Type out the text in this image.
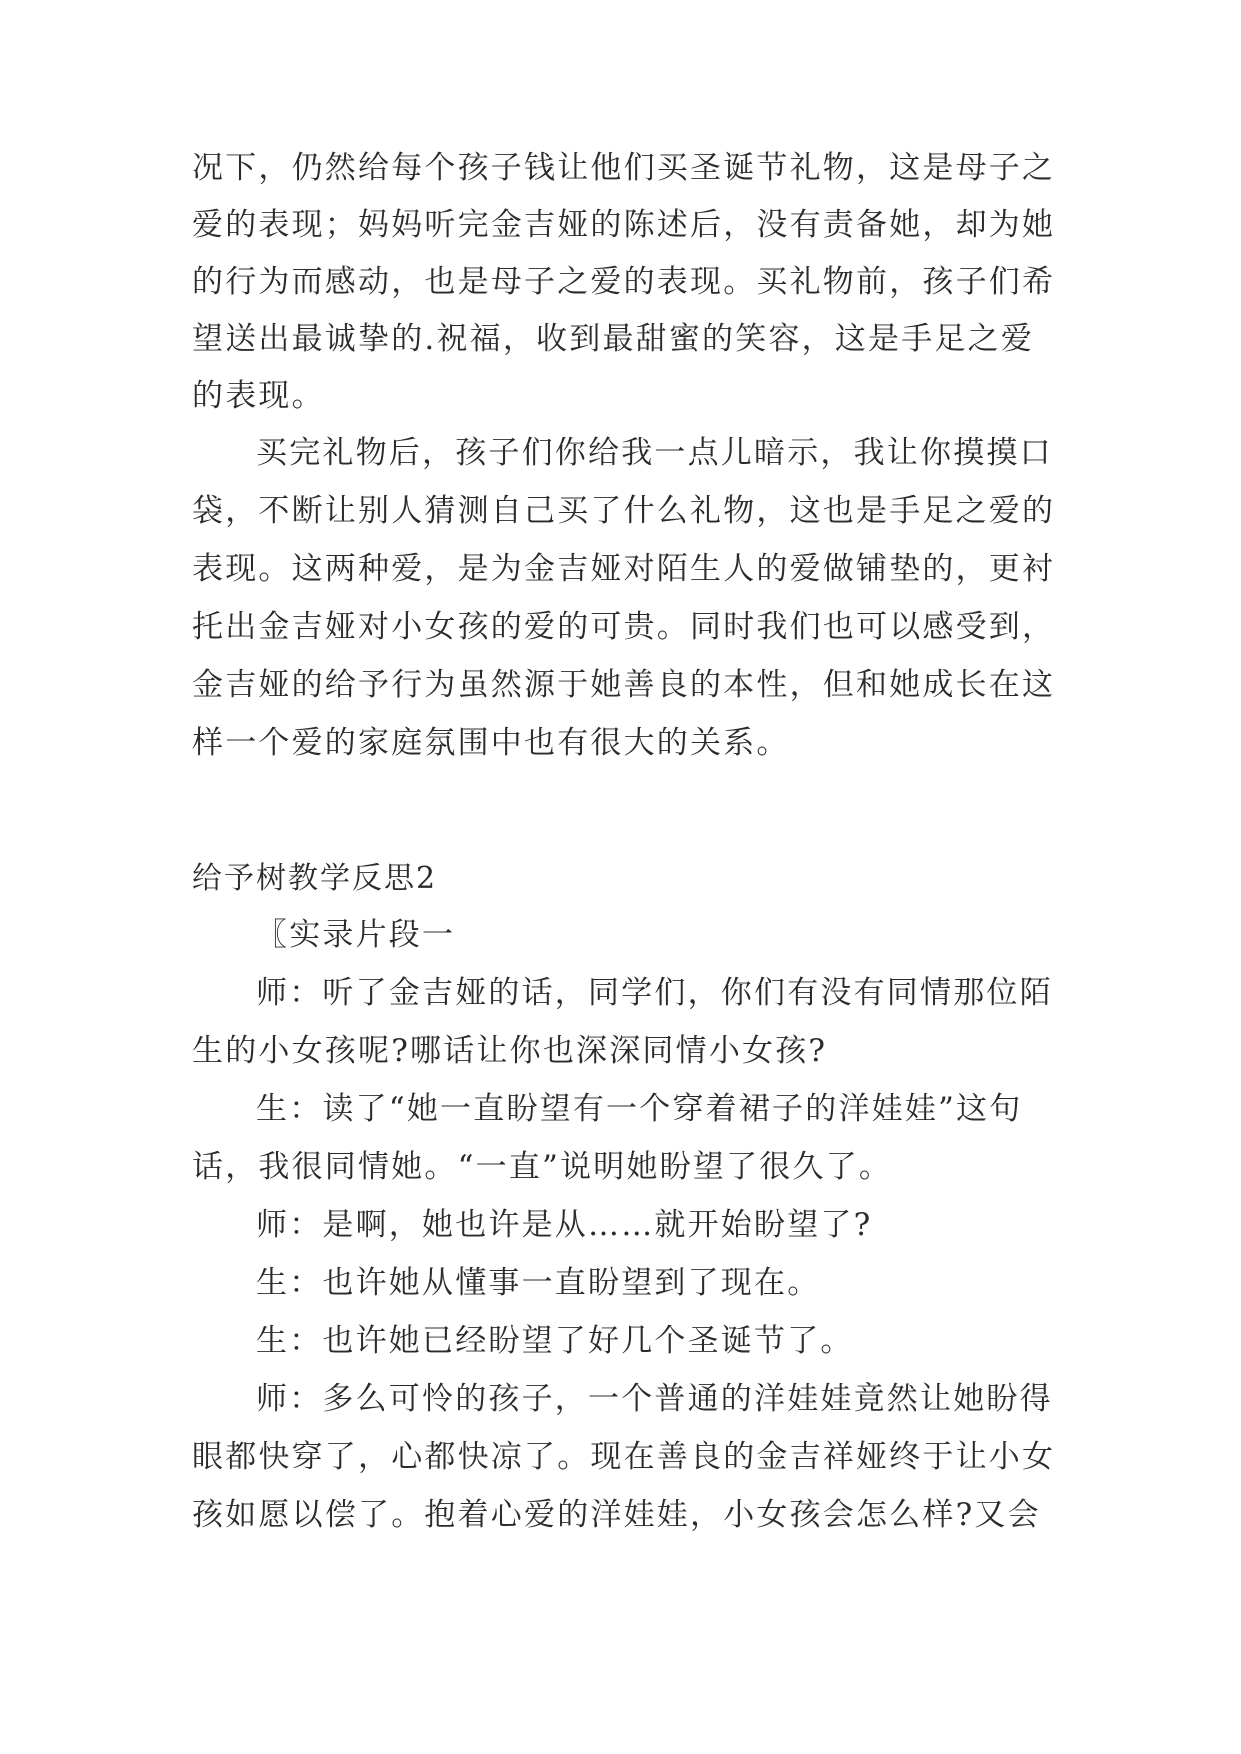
况下，仍然给每个孩子钱让他们买圣诞节礼物，这是母子之
爱的表现；妈妈听完金吉娅的陈述后，没有责备她，却为她
的行为而感动，也是母子之爱的表现。买礼物前，孩子们希
望送出最诚挚的.祝福，收到最甜蜜的笑容，这是手足之爱
的表现。
买完礼物后，孩子们你给我一点儿暗示，我让你摸摸口
袋，不断让别人猜测自己买了什么礼物，这也是手足之爱的
表现。这两种爱，是为金吉娅对陌生人的爱做铺垫的，更衬
托出金吉娅对小女孩的爱的可贵。同时我们也可以感受到，
金吉娅的给予行为虽然源于她善良的本性，但和她成长在这
样一个爱的家庭氛围中也有很大的关系。
给予树教学反思2
〖实录片段一
师：听了金吉娅的话，同学们，你们有没有同情那位陌
生的小女孩呢?哪话让你也深深同情小女孩?
生：读了“她一直盼望有一个穿着裙子的洋娃娃”这句
话，我很同情她。“一直”说明她盼望了很久了。
师：是啊，她也许是从……就开始盼望了?
生：也许她从懂事一直盼望到了现在。
生：也许她已经盼望了好几个圣诞节了。
师：多么可怜的孩子，一个普通的洋娃娃竟然让她盼得
眼都快穿了，心都快凉了。现在善良的金吉祥娅终于让小女
孩如愿以偿了。抱着心爱的洋娃娃，小女孩会怎么样?又会
